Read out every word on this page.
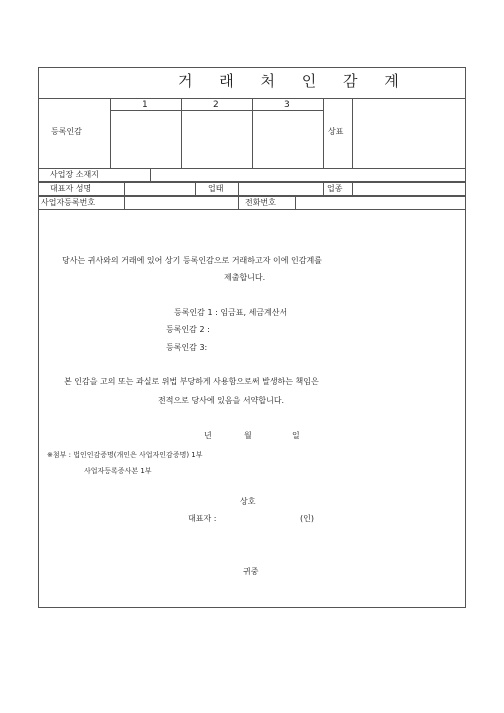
거 래 처 인 감 계
1	2	3
등록인감	상표
사업장 소재지
대표자 성명	업태	업종
사업자등록번호	전화번호
당사는 귀사와의 거래에 있어 상기 등록인감으로 거래하고자 이에 인감계를
제출합니다.
등록인감 1 : 임금표, 세금계산서
등록인감 2 :
등록인감 3:
본 인감을 고의 또는 과실로 위법 부당하게 사용함으로써 발생하는 책임은
전적으로 당사에 있음을 서약합니다.
년	월	일
※첨부 : 법인인감증명(개인은 사업자인감증명) 1부
사업자등록증사본 1부
상호
대표자 :	(인)
귀중
